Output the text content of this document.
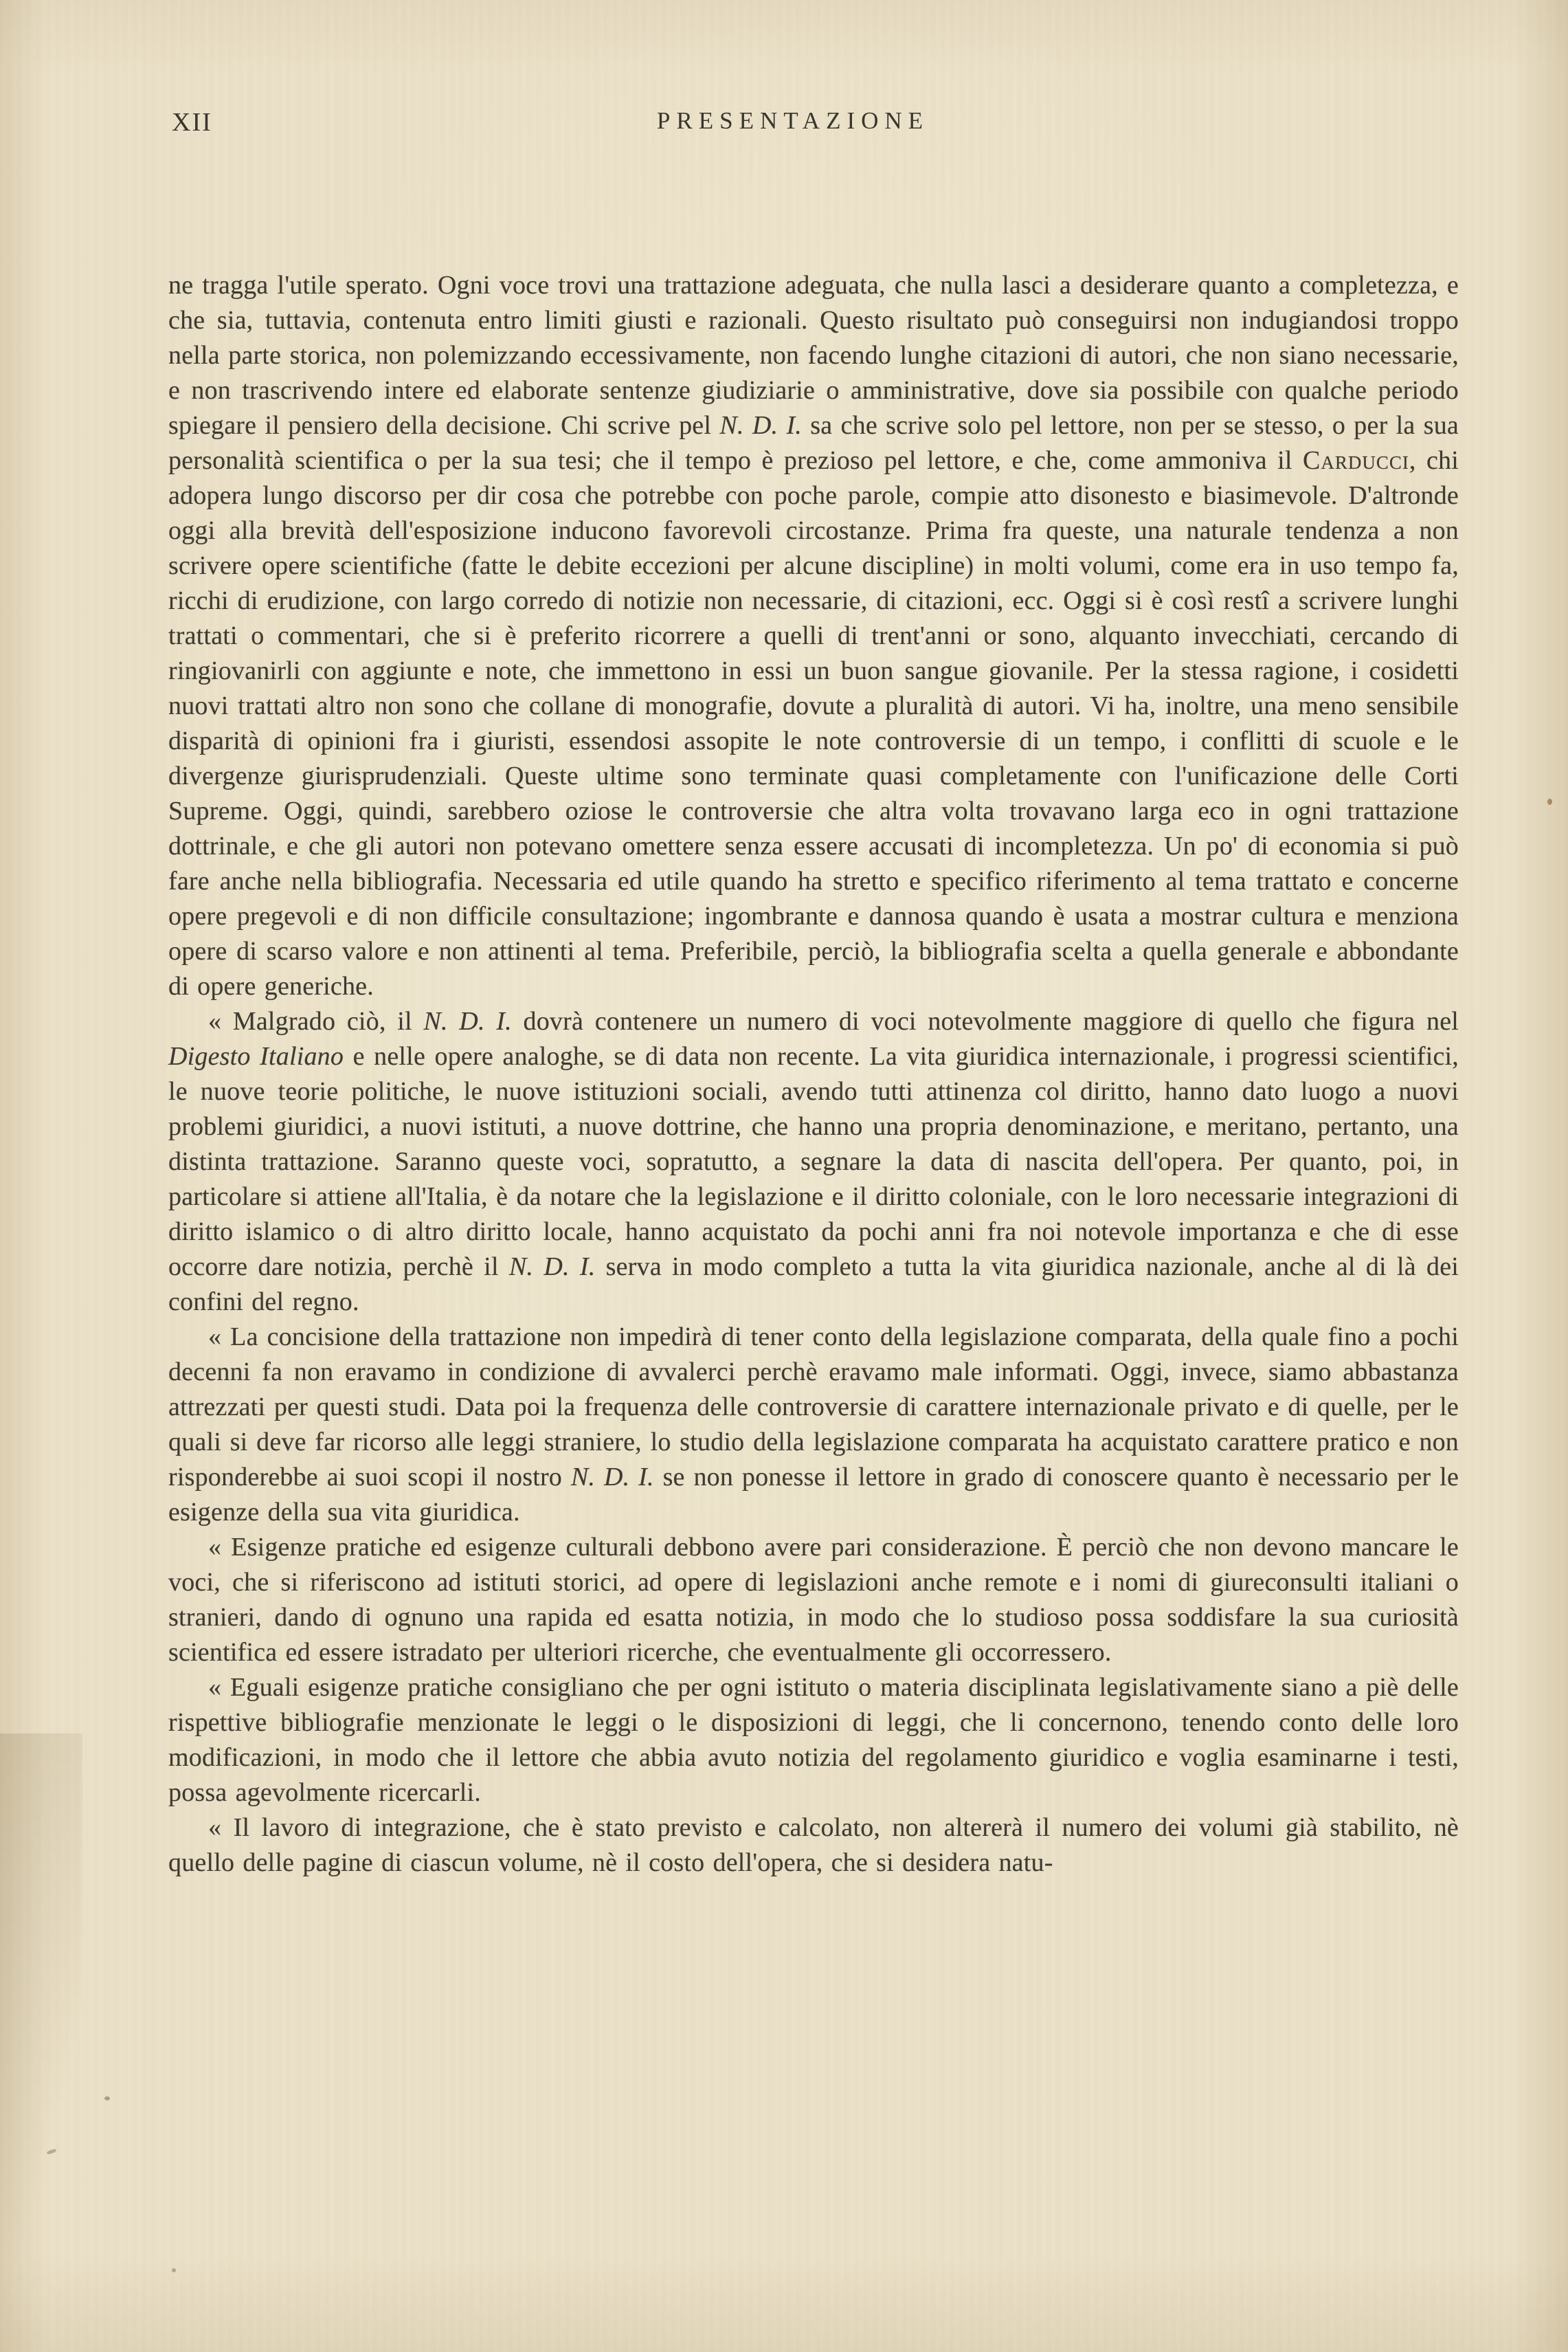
XII	PRESENTAZIONE

ne tragga l'utile sperato. Ogni voce trovi una trattazione adeguata, che nulla lasci a desiderare quanto a completezza, e che sia, tuttavia, contenuta entro limiti giusti e razionali. Questo risultato può conseguirsi non indugiandosi troppo nella parte storica, non polemizzando eccessivamente, non facendo lunghe citazioni di autori, che non siano necessarie, e non trascrivendo intere ed elaborate sentenze giudiziarie o amministrative, dove sia possibile con qualche periodo spiegare il pensiero della decisione. Chi scrive pel N. D. I. sa che scrive solo pel lettore, non per se stesso, o per la sua personalità scientifica o per la sua tesi; che il tempo è prezioso pel lettore, e che, come ammoniva il Carducci, chi adopera lungo discorso per dir cosa che potrebbe con poche parole, compie atto disonesto e biasimevole. D'altronde oggi alla brevità dell'esposizione inducono favorevoli circostanze. Prima fra queste, una naturale tendenza a non scrivere opere scientifiche (fatte le debite eccezioni per alcune discipline) in molti volumi, come era in uso tempo fa, ricchi di erudizione, con largo corredo di notizie non necessarie, di citazioni, ecc. Oggi si è così restî a scrivere lunghi trattati o commentari, che si è preferito ricorrere a quelli di trent'anni or sono, alquanto invecchiati, cercando di ringiovanirli con aggiunte e note, che immettono in essi un buon sangue giovanile. Per la stessa ragione, i cosidetti nuovi trattati altro non sono che collane di monografie, dovute a pluralità di autori. Vi ha, inoltre, una meno sensibile disparità di opinioni fra i giuristi, essendosi assopite le note controversie di un tempo, i conflitti di scuole e le divergenze giurisprudenziali. Queste ultime sono terminate quasi completamente con l'unificazione delle Corti Supreme. Oggi, quindi, sarebbero oziose le controversie che altra volta trovavano larga eco in ogni trattazione dottrinale, e che gli autori non potevano omettere senza essere accusati di incompletezza. Un po' di economia si può fare anche nella bibliografia. Necessaria ed utile quando ha stretto e specifico riferimento al tema trattato e concerne opere pregevoli e di non difficile consultazione; ingombrante e dannosa quando è usata a mostrar cultura e menziona opere di scarso valore e non attinenti al tema. Preferibile, perciò, la bibliografia scelta a quella generale e abbondante di opere generiche.

« Malgrado ciò, il N. D. I. dovrà contenere un numero di voci notevolmente maggiore di quello che figura nel Digesto Italiano e nelle opere analoghe, se di data non recente. La vita giuridica internazionale, i progressi scientifici, le nuove teorie politiche, le nuove istituzioni sociali, avendo tutti attinenza col diritto, hanno dato luogo a nuovi problemi giuridici, a nuovi istituti, a nuove dottrine, che hanno una propria denominazione, e meritano, pertanto, una distinta trattazione. Saranno queste voci, sopratutto, a segnare la data di nascita dell'opera. Per quanto, poi, in particolare si attiene all'Italia, è da notare che la legislazione e il diritto coloniale, con le loro necessarie integrazioni di diritto islamico o di altro diritto locale, hanno acquistato da pochi anni fra noi notevole importanza e che di esse occorre dare notizia, perchè il N. D. I. serva in modo completo a tutta la vita giuridica nazionale, anche al di là dei confini del regno.

« La concisione della trattazione non impedirà di tener conto della legislazione comparata, della quale fino a pochi decenni fa non eravamo in condizione di avvalerci perchè eravamo male informati. Oggi, invece, siamo abbastanza attrezzati per questi studi. Data poi la frequenza delle controversie di carattere internazionale privato e di quelle, per le quali si deve far ricorso alle leggi straniere, lo studio della legislazione comparata ha acquistato carattere pratico e non risponderebbe ai suoi scopi il nostro N. D. I. se non ponesse il lettore in grado di conoscere quanto è necessario per le esigenze della sua vita giuridica.

« Esigenze pratiche ed esigenze culturali debbono avere pari considerazione. È perciò che non devono mancare le voci, che si riferiscono ad istituti storici, ad opere di legislazioni anche remote e i nomi di giureconsulti italiani o stranieri, dando di ognuno una rapida ed esatta notizia, in modo che lo studioso possa soddisfare la sua curiosità scientifica ed essere istradato per ulteriori ricerche, che eventualmente gli occorressero.

« Eguali esigenze pratiche consigliano che per ogni istituto o materia disciplinata legislativamente siano a piè delle rispettive bibliografie menzionate le leggi o le disposizioni di leggi, che li concernono, tenendo conto delle loro modificazioni, in modo che il lettore che abbia avuto notizia del regolamento giuridico e voglia esaminarne i testi, possa agevolmente ricercarli.

« Il lavoro di integrazione, che è stato previsto e calcolato, non altererà il numero dei volumi già stabilito, nè quello delle pagine di ciascun volume, nè il costo dell'opera, che si desidera natu-
